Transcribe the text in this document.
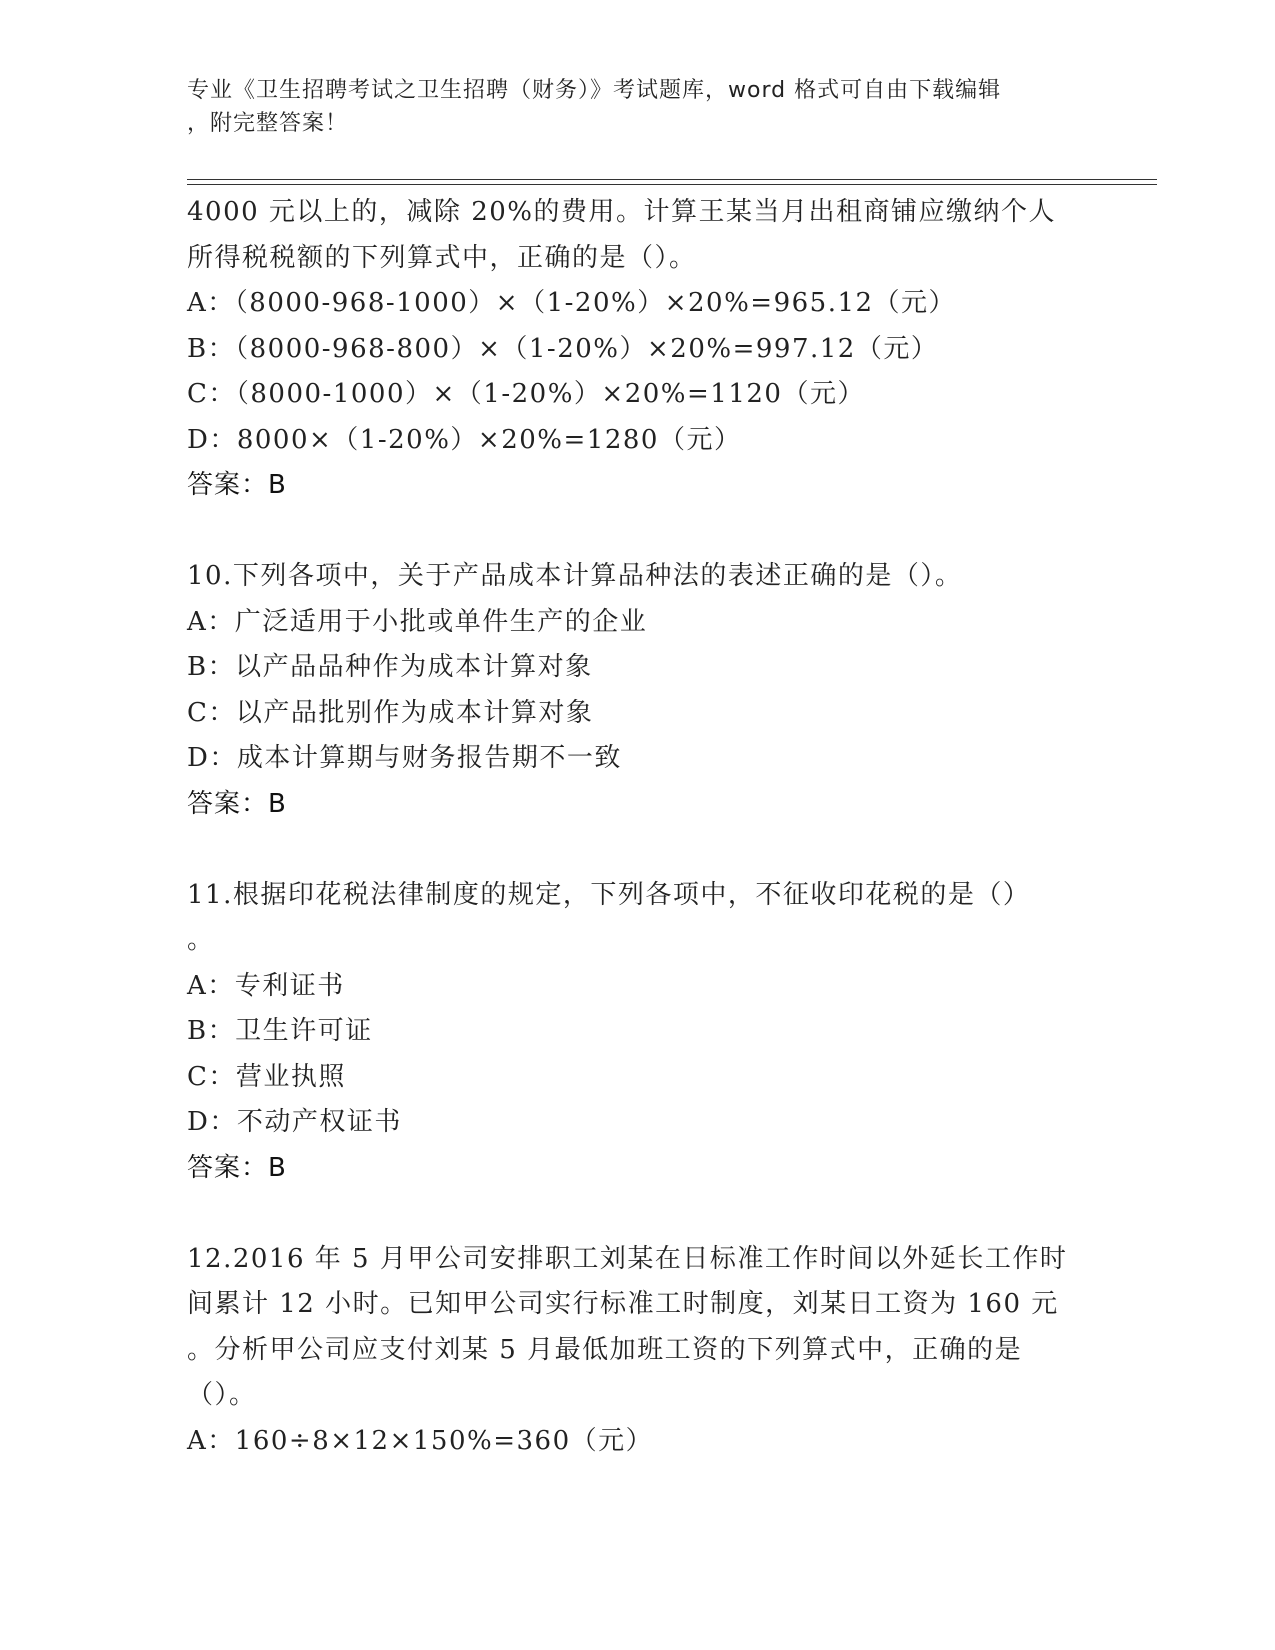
专业《卫生招聘考试之卫生招聘（财务）》考试题库，word 格式可自由下载编辑
，附完整答案！
4000 元以上的，减除 20%的费用。计算王某当月出租商铺应缴纳个人
所得税税额的下列算式中，正确的是（）。
A：（8000-968-1000）×（1-20%）×20%=965.12（元）
B：（8000-968-800）×（1-20%）×20%=997.12（元）
C：（8000-1000）×（1-20%）×20%=1120（元）
D：8000×（1-20%）×20%=1280（元）
答案：B
10.下列各项中，关于产品成本计算品种法的表述正确的是（）。
A：广泛适用于小批或单件生产的企业
B：以产品品种作为成本计算对象
C：以产品批别作为成本计算对象
D：成本计算期与财务报告期不一致
答案：B
11.根据印花税法律制度的规定，下列各项中，不征收印花税的是（）
。
A：专利证书
B：卫生许可证
C：营业执照
D：不动产权证书
答案：B
12.2016 年 5 月甲公司安排职工刘某在日标准工作时间以外延长工作时
间累计 12 小时。已知甲公司实行标准工时制度，刘某日工资为 160 元
。分析甲公司应支付刘某 5 月最低加班工资的下列算式中，正确的是
（）。
A：160÷8×12×150%=360（元）
